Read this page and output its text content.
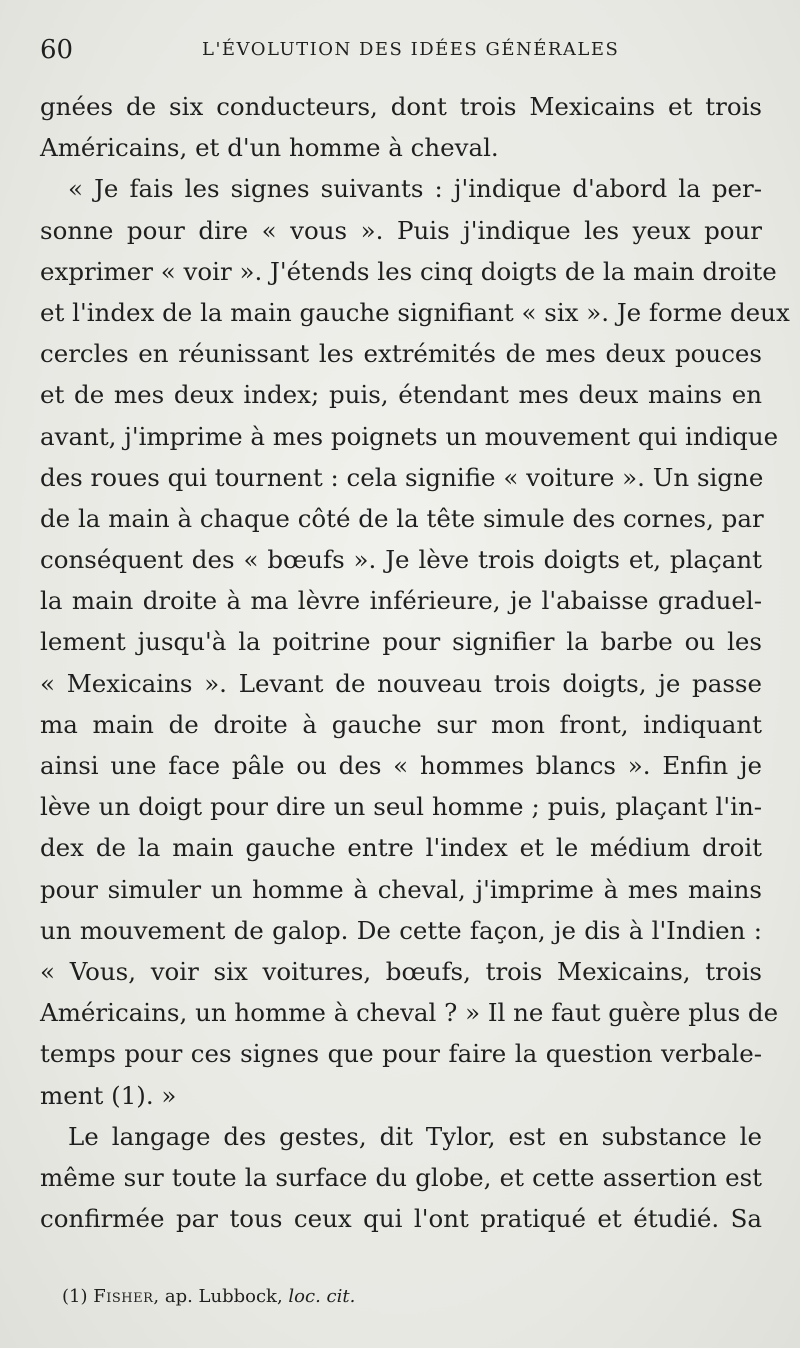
60	L'ÉVOLUTION DES IDÉES GÉNÉRALES
gnées de six conducteurs, dont trois Mexicains et trois
Américains, et d'un homme à cheval.
« Je fais les signes suivants : j'indique d'abord la per-
sonne pour dire « vous ». Puis j'indique les yeux pour
exprimer « voir ». J'étends les cinq doigts de la main droite
et l'index de la main gauche signifiant « six ». Je forme deux
cercles en réunissant les extrémités de mes deux pouces
et de mes deux index; puis, étendant mes deux mains en
avant, j'imprime à mes poignets un mouvement qui indique
des roues qui tournent : cela signifie « voiture ». Un signe
de la main à chaque côté de la tête simule des cornes, par
conséquent des « bœufs ». Je lève trois doigts et, plaçant
la main droite à ma lèvre inférieure, je l'abaisse graduel-
lement jusqu'à la poitrine pour signifier la barbe ou les
« Mexicains ». Levant de nouveau trois doigts, je passe
ma main de droite à gauche sur mon front, indiquant
ainsi une face pâle ou des « hommes blancs ». Enfin je
lève un doigt pour dire un seul homme ; puis, plaçant l'in-
dex de la main gauche entre l'index et le médium droit
pour simuler un homme à cheval, j'imprime à mes mains
un mouvement de galop. De cette façon, je dis à l'Indien :
« Vous, voir six voitures, bœufs, trois Mexicains, trois
Américains, un homme à cheval ? » Il ne faut guère plus de
temps pour ces signes que pour faire la question verbale-
ment (1). »
Le langage des gestes, dit Tylor, est en substance le
même sur toute la surface du globe, et cette assertion est
confirmée par tous ceux qui l'ont pratiqué et étudié. Sa
(1) Fisher, ap. Lubbock, loc. cit.
